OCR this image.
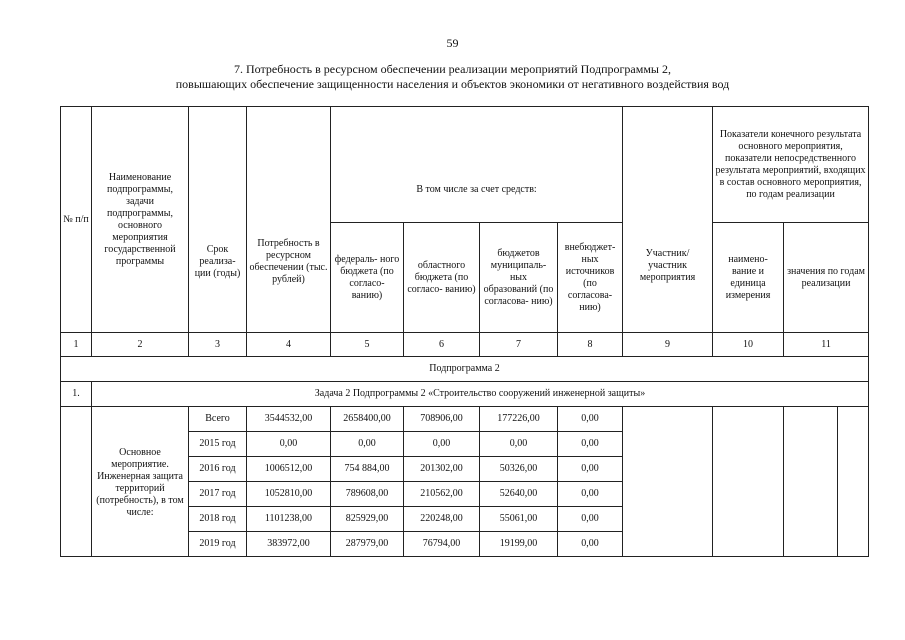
59
7. Потребность в ресурсном обеспечении реализации мероприятий Подпрограммы 2,
повышающих обеспечение защищенности населения и объектов экономики от негативного воздействия вод
№ п/п	Наименование подпрограммы, задачи подпрограммы, основного мероприятия государственной программы	Срок реализа- ции (годы)	Потребность в ресурсном обеспечении (тыс. рублей)	В том числе за счет средств:				Участник/ участник мероприятия	Показатели конечного результата основного мероприятия, показатели непосредственного результата мероприятий, входящих в состав основного мероприятия, по годам реализации		
				федераль- ного бюджета (по согласо- ванию)	областного бюджета (по согласо- ванию)	бюджетов муниципаль- ных образований (по согласова- нию)	внебюджет- ных источников (по согласова- нию)		наимено- вание и единица измерения	значения по годам реализации	
1	2	3	4	5	6	7	8	9	10	11	
Подпрограмма 2											
1.	Задача 2 Подпрограммы 2 «Строительство сооружений инженерной защиты»										
	Основное мероприятие. Инженерная защита территорий (потребность), в том числе:	Всего	3544532,00	2658400,00	708906,00	177226,00	0,00				
		2015 год	0,00	0,00	0,00	0,00	0,00				
		2016 год	1006512,00	754 884,00	201302,00	50326,00	0,00				
		2017 год	1052810,00	789608,00	210562,00	52640,00	0,00				
		2018 год	1101238,00	825929,00	220248,00	55061,00	0,00				
		2019 год	383972,00	287979,00	76794,00	19199,00	0,00				
